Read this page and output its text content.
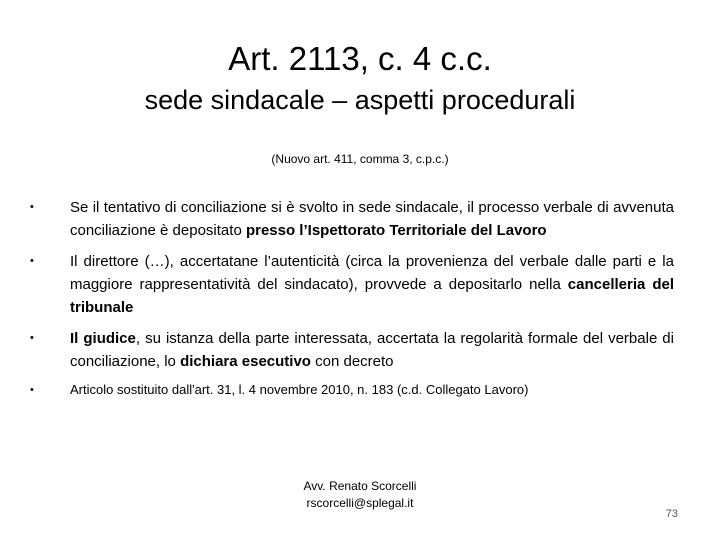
Art. 2113, c. 4 c.c.
sede sindacale – aspetti procedurali
(Nuovo art. 411, comma 3, c.p.c.)
•	Se il tentativo di conciliazione si è svolto in sede sindacale, il processo verbale di avvenuta conciliazione è depositato presso l’Ispettorato Territoriale del Lavoro
•	Il direttore (…), accertatane l’autenticità (circa la provenienza del verbale dalle parti e la maggiore rappresentatività del sindacato), provvede a depositarlo nella cancelleria del tribunale
•	Il giudice, su istanza della parte interessata, accertata la regolarità formale del verbale di conciliazione, lo dichiara esecutivo con decreto
•	Articolo sostituito dall'art. 31, l. 4 novembre 2010, n. 183 (c.d. Collegato Lavoro)
Avv. Renato Scorcelli
rscorcelli@splegal.it
73
